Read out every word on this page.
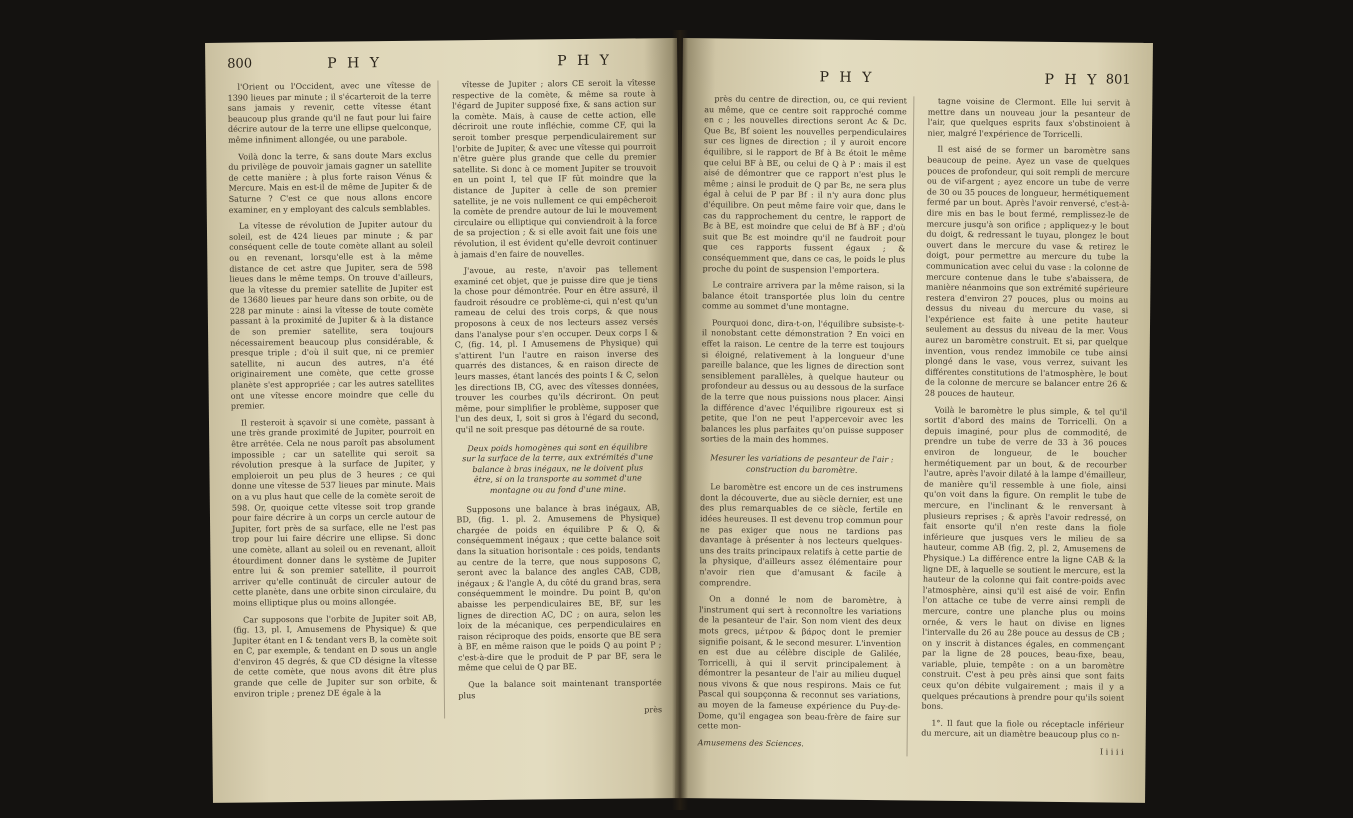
800	P H Y	P H Y

l'Orient ou l'Occident, avec une vîtesse de 1390 lieues par minute ; il s'écarteroit de la terre sans jamais y revenir, cette vîtesse étant beaucoup plus grande qu'il ne faut pour lui faire décrire autour de la terre une ellipse quelconque, même infiniment allongée, ou une parabole.

Voilà donc la terre, & sans doute Mars exclus du privilège de pouvoir jamais gagner un satellite de cette manière ; à plus forte raison Vénus & Mercure. Mais en est-il de même de Jupiter & de Saturne ? C'est ce que nous allons encore examiner, en y employant des calculs semblables.

La vîtesse de révolution de Jupiter autour du soleil, est de 424 lieues par minute ; & par conséquent celle de toute comète allant au soleil ou en revenant, lorsqu'elle est à la même distance de cet astre que Jupiter, sera de 598 lieues dans le même temps. On trouve d'ailleurs, que la vîtesse du premier satellite de Jupiter est de 13680 lieues par heure dans son orbite, ou de 228 par minute : ainsi la vîtesse de toute comète passant à la proximité de Jupiter & à la distance de son premier satellite, sera toujours nécessairement beaucoup plus considérable, & presque triple ; d'où il suit que, ni ce premier satellite, ni aucun des autres, n'a été originairement une comète, que cette grosse planète s'est appropriée ; car les autres satellites ont une vîtesse encore moindre que celle du premier.

Il resteroit à sçavoir si une comète, passant à une très grande proximité de Jupiter, pourroit en être arrêtée. Cela ne nous paroît pas absolument impossible ; car un satellite qui seroit sa révolution presque à la surface de Jupiter, y emploieroit un peu plus de 3 heures ; ce qui donne une vîtesse de 537 lieues par minute. Mais on a vu plus haut que celle de la comète seroit de 598. Or, quoique cette vîtesse soit trop grande pour faire décrire à un corps un cercle autour de Jupiter, fort près de sa surface, elle ne l'est pas trop pour lui faire décrire une ellipse. Si donc une comète, allant au soleil ou en revenant, alloit étourdiment donner dans le système de Jupiter entre lui & son premier satellite, il pourroit arriver qu'elle continuât de circuler autour de cette planète, dans une orbite sinon circulaire, du moins elliptique plus ou moins allongée.

Car supposons que l'orbite de Jupiter soit AB, (fig. 13, pl. I, Amusemens de Physique) & que Jupiter étant en I & tendant vers B, la comète soit en C, par exemple, & tendant en D sous un angle d'environ 45 degrés, & que CD désigne la vîtesse de cette comète, que nous avons dit être plus grande que celle de Jupiter sur son orbite, & environ triple ; prenez DE égale à la

vîtesse de Jupiter ; alors CE seroit la vîtesse respective de la comète, & même sa route à l'égard de Jupiter supposé fixe, & sans action sur la comète. Mais, à cause de cette action, elle décriroit une route infléchie, comme CF, qui la seroit tomber presque perpendiculairement sur l'orbite de Jupiter, & avec une vîtesse qui pourroit n'être guère plus grande que celle du premier satellite. Si donc à ce moment Jupiter se trouvoit en un point I, tel que IF fût moindre que la distance de Jupiter à celle de son premier satellite, je ne vois nullement ce qui empêcheroit la comète de prendre autour de lui le mouvement circulaire ou elliptique qui conviendroit à la force de sa projection ; & si elle avoit fait une fois une révolution, il est évident qu'elle devroit continuer à jamais d'en faire de nouvelles.

J'avoue, au reste, n'avoir pas tellement examiné cet objet, que je puisse dire que je tiens la chose pour démontrée. Pour en être assuré, il faudroit résoudre ce problème-ci, qui n'est qu'un rameau de celui des trois corps, & que nous proposons à ceux de nos lecteurs assez versés dans l'analyse pour s'en occuper. Deux corps I & C, (fig. 14, pl. I Amusemens de Physique) qui s'attirent l'un l'autre en raison inverse des quarrés des distances, & en raison directe de leurs masses, étant lancés des points I & C, selon les directions IB, CG, avec des vîtesses données, trouver les courbes qu'ils décriront. On peut même, pour simplifier le problème, supposer que l'un des deux, I, soit si gros à l'égard du second, qu'il ne soit presque pas détourné de sa route.

Deux poids homogènes qui sont en équilibre sur la surface de la terre, aux extrémités d'une balance à bras inégaux, ne le doivent plus être, si on la transporte au sommet d'une montagne ou au fond d'une mine.

Supposons une balance à bras inégaux, AB, BD, (fig. 1. pl. 2. Amusemens de Physique) chargée de poids en équilibre P & Q, & conséquemment inégaux ; que cette balance soit dans la situation horisontale : ces poids, tendants au centre de la terre, que nous supposons C, seront avec la balance des angles CAB, CDB, inégaux ; & l'angle A, du côté du grand bras, sera conséquemment le moindre. Du point B, qu'on abaisse les perpendiculaires BE, BF, sur les lignes de direction AC, DC ; on aura, selon les loix de la mécanique, ces perpendiculaires en raison réciproque des poids, ensorte que BE sera à BF, en même raison que le poids Q au point P ; c'est-à-dire que le produit de P par BF, sera le même que celui de Q par BE.

Que la balance soit maintenant transportée plus

près

P H Y	P H Y 801

près du centre de direction, ou, ce qui revient au même, que ce centre soit rapproché comme en c ; les nouvelles directions seront Ac & Dc. Que Bε, Bf soient les nouvelles perpendiculaires sur ces lignes de direction ; il y auroit encore équilibre, si le rapport de Bf à Bε étoit le même que celui BF à BE, ou celui de Q à P : mais il est aisé de démontrer que ce rapport n'est plus le même ; ainsi le produit de Q par Bε, ne sera plus égal à celui de P par Bf : il n'y aura donc plus d'équilibre. On peut même faire voir que, dans le cas du rapprochement du centre, le rapport de Bε à BE, est moindre que celui de Bf à BF ; d'où suit que Bε est moindre qu'il ne faudroit pour que ces rapports fussent égaux ; & conséquemment que, dans ce cas, le poids le plus proche du point de suspension l'emportera.

Le contraire arrivera par la même raison, si la balance étoit transportée plus loin du centre comme au sommet d'une montagne.

Pourquoi donc, dira-t-on, l'équilibre subsiste-t-il nonobstant cette démonstration ? En voici en effet la raison. Le centre de la terre est toujours si éloigné, relativement à la longueur d'une pareille balance, que les lignes de direction sont sensiblement parallèles, à quelque hauteur ou profondeur au dessus ou au dessous de la surface de la terre que nous puissions nous placer. Ainsi la différence d'avec l'équilibre rigoureux est si petite, que l'on ne peut l'appercevoir avec les balances les plus parfaites qu'on puisse supposer sorties de la main des hommes.

Mesurer les variations de pesanteur de l'air : construction du baromètre.

Le baromètre est encore un de ces instrumens dont la découverte, due au siècle dernier, est une des plus remarquables de ce siècle, fertile en idées heureuses. Il est devenu trop commun pour ne pas exiger que nous ne tardions pas davantage à présenter à nos lecteurs quelques-uns des traits principaux relatifs à cette partie de la physique, d'ailleurs assez élémentaire pour n'avoir rien que d'amusant & facile à comprendre.

On a donné le nom de baromètre, à l'instrument qui sert à reconnoître les variations de la pesanteur de l'air. Son nom vient des deux mots grecs, μέτρον & βάρος dont le premier signifie poisant, & le second mesurer. L'invention en est due au célèbre disciple de Galilée, Torricelli, à qui il servit principalement à démontrer la pesanteur de l'air au milieu duquel nous vivons & que nous respirons. Mais ce fut Pascal qui soupçonna & reconnut ses variations, au moyen de la fameuse expérience du Puy-de-Dome, qu'il engagea son beau-frère de faire sur cette mon-

Amusemens des Sciences.

tagne voisine de Clermont. Elle lui servit à mettre dans un nouveau jour la pesanteur de l'air, que quelques esprits faux s'obstinoient à nier, malgré l'expérience de Torricelli.

Il est aisé de se former un baromètre sans beaucoup de peine. Ayez un vase de quelques pouces de profondeur, qui soit rempli de mercure ou de vif-argent ; ayez encore un tube de verre de 30 ou 35 pouces de longueur, hermétiquement fermé par un bout. Après l'avoir renversé, c'est-à-dire mis en bas le bout fermé, remplissez-le de mercure jusqu'à son orifice ; appliquez-y le bout du doigt, & redressant le tuyau, plongez le bout ouvert dans le mercure du vase & retirez le doigt, pour permettre au mercure du tube la communication avec celui du vase : la colonne de mercure contenue dans le tube s'abaissera, de manière néanmoins que son extrémité supérieure restera d'environ 27 pouces, plus ou moins au dessus du niveau du mercure du vase, si l'expérience est faite à une petite hauteur seulement au dessus du niveau de la mer. Vous aurez un baromètre construit. Et si, par quelque invention, vous rendez immobile ce tube ainsi plongé dans le vase, vous verrez, suivant les différentes constitutions de l'atmosphère, le bout de la colonne de mercure se balancer entre 26 & 28 pouces de hauteur.

Voilà le baromètre le plus simple, & tel qu'il sortit d'abord des mains de Torricelli. On a depuis imaginé, pour plus de commodité, de prendre un tube de verre de 33 à 36 pouces environ de longueur, de le boucher hermétiquement par un bout, & de recourber l'autre, après l'avoir dilaté à la lampe d'émailleur, de manière qu'il ressemble à une fiole, ainsi qu'on voit dans la figure. On remplit le tube de mercure, en l'inclinant & le renversant à plusieurs reprises ; & après l'avoir redressé, on fait ensorte qu'il n'en reste dans la fiole inférieure que jusques vers le milieu de sa hauteur, comme AB (fig. 2, pl. 2, Amusemens de Physique.) La différence entre la ligne CAB & la ligne DE, à laquelle se soutient le mercure, est la hauteur de la colonne qui fait contre-poids avec l'atmosphère, ainsi qu'il est aisé de voir. Enfin l'on attache ce tube de verre ainsi rempli de mercure, contre une planche plus ou moins ornée, & vers le haut on divise en lignes l'intervalle du 26 au 28e pouce au dessus de CB ; on y inscrit à distances égales, en commençant par la ligne de 28 pouces, beau-fixe, beau, variable, pluie, tempête : on a un baromètre construit. C'est à peu près ainsi que sont faits ceux qu'on débite vulgairement ; mais il y a quelques précautions à prendre pour qu'ils soient bons.

1°. Il faut que la fiole ou réceptacle inférieur du mercure, ait un diamètre beaucoup plus co n-

I i i i i
